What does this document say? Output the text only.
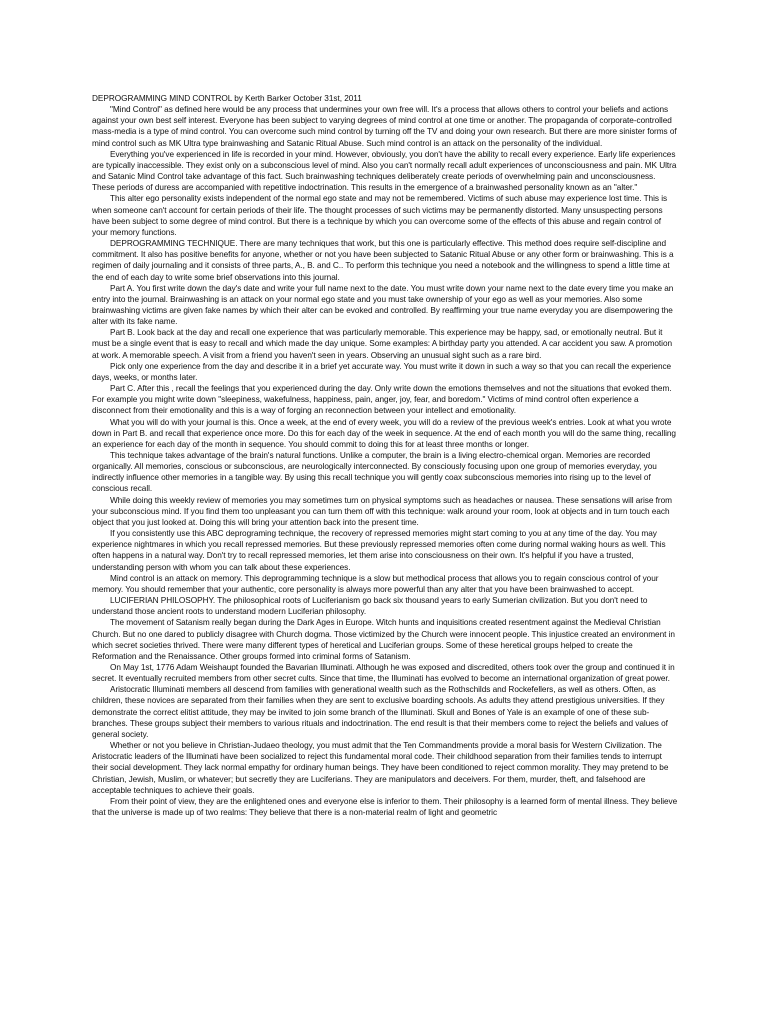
DEPROGRAMMING MIND CONTROL by Kerth Barker October 31st, 2011

"Mind Control" as defined here would be any process that undermines your own free will. It's a process that allows others to control your beliefs and actions against your own best self interest. Everyone has been subject to varying degrees of mind control at one time or another. The propaganda of corporate-controlled mass-media is a type of mind control. You can overcome such mind control by turning off the TV and doing your own research. But there are more sinister forms of mind control such as MK Ultra type brainwashing and Satanic Ritual Abuse. Such mind control is an attack on the personality of the individual.

Everything you've experienced in life is recorded in your mind. However, obviously, you don't have the ability to recall every experience. Early life experiences are typically inaccessible. They exist only on a subconscious level of mind. Also you can't normally recall adult experiences of unconsciousness and pain. MK Ultra and Satanic Mind Control take advantage of this fact. Such brainwashing techniques deliberately create periods of overwhelming pain and unconsciousness. These periods of duress are accompanied with repetitive indoctrination. This results in the emergence of a brainwashed personality known as an "alter."

This alter ego personality exists independent of the normal ego state and may not be remembered. Victims of such abuse may experience lost time. This is when someone can't account for certain periods of their life. The thought processes of such victims may be permanently distorted. Many unsuspecting persons have been subject to some degree of mind control. But there is a technique by which you can overcome some of the effects of this abuse and regain control of your memory functions.

DEPROGRAMMING TECHNIQUE. There are many techniques that work, but this one is particularly effective. This method does require self-discipline and commitment. It also has positive benefits for anyone, whether or not you have been subjected to Satanic Ritual Abuse or any other form or brainwashing. This is a regimen of daily journaling and it consists of three parts, A., B. and C.. To perform this technique you need a notebook and the willingness to spend a little time at the end of each day to write some brief observations into this journal.

Part A. You first write down the day's date and write your full name next to the date. You must write down your name next to the date every time you make an entry into the journal. Brainwashing is an attack on your normal ego state and you must take ownership of your ego as well as your memories. Also some brainwashing victims are given fake names by which their alter can be evoked and controlled. By reaffirming your true name everyday you are disempowering the alter with its fake name.

Part B. Look back at the day and recall one experience that was particularly memorable. This experience may be happy, sad, or emotionally neutral. But it must be a single event that is easy to recall and which made the day unique. Some examples: A birthday party you attended. A car accident you saw. A promotion at work. A memorable speech. A visit from a friend you haven't seen in years. Observing an unusual sight such as a rare bird.

Pick only one experience from the day and describe it in a brief yet accurate way. You must write it down in such a way so that you can recall the experience days, weeks, or months later.

Part C. After this , recall the feelings that you experienced during the day. Only write down the emotions themselves and not the situations that evoked them. For example you might write down "sleepiness, wakefulness, happiness, pain, anger, joy, fear, and boredom." Victims of mind control often experience a disconnect from their emotionality and this is a way of forging an reconnection between your intellect and emotionality.

What you will do with your journal is this. Once a week, at the end of every week, you will do a review of the previous week's entries. Look at what you wrote down in Part B. and recall that experience once more. Do this for each day of the week in sequence. At the end of each month you will do the same thing, recalling an experience for each day of the month in sequence. You should commit to doing this for at least three months or longer.

This technique takes advantage of the brain's natural functions. Unlike a computer, the brain is a living electro-chemical organ. Memories are recorded organically. All memories, conscious or subconscious, are neurologically interconnected. By consciously focusing upon one group of memories everyday, you indirectly influence other memories in a tangible way. By using this recall technique you will gently coax subconscious memories into rising up to the level of conscious recall.

While doing this weekly review of memories you may sometimes turn on physical symptoms such as headaches or nausea. These sensations will arise from your subconscious mind. If you find them too unpleasant you can turn them off with this technique: walk around your room, look at objects and in turn touch each object that you just looked at. Doing this will bring your attention back into the present time.

If you consistently use this ABC deprograming technique, the recovery of repressed memories might start coming to you at any time of the day. You may experience nightmares in which you recall repressed memories. But these previously repressed memories often come during normal waking hours as well. This often happens in a natural way. Don't try to recall repressed memories, let them arise into consciousness on their own. It's helpful if you have a trusted, understanding person with whom you can talk about these experiences.

Mind control is an attack on memory. This deprogramming technique is a slow but methodical process that allows you to regain conscious control of your memory. You should remember that your authentic, core personality is always more powerful than any alter that you have been brainwashed to accept.

LUCIFERIAN PHILOSOPHY. The philosophical roots of Luciferianism go back six thousand years to early Sumerian civilization. But you don't need to understand those ancient roots to understand modern Luciferian philosophy.

The movement of Satanism really began during the Dark Ages in Europe. Witch hunts and inquisitions created resentment against the Medieval Christian Church. But no one dared to publicly disagree with Church dogma. Those victimized by the Church were innocent people. This injustice created an environment in which secret societies thrived. There were many different types of heretical and Luciferian groups. Some of these heretical groups helped to create the Reformation and the Renaissance. Other groups formed into criminal forms of Satanism.

On May 1st, 1776 Adam Weishaupt founded the Bavarian Illuminati. Although he was exposed and discredited, others took over the group and continued it in secret. It eventually recruited members from other secret cults. Since that time, the Illuminati has evolved to become an international organization of great power.

Aristocratic Illuminati members all descend from families with generational wealth such as the Rothschilds and Rockefellers, as well as others. Often, as children, these novices are separated from their families when they are sent to exclusive boarding schools. As adults they attend prestigious universities. If they demonstrate the correct elitist attitude, they may be invited to join some branch of the Illuminati. Skull and Bones of Yale is an example of one of these sub-branches. These groups subject their members to various rituals and indoctrination. The end result is that their members come to reject the beliefs and values of general society.

Whether or not you believe in Christian-Judaeo theology, you must admit that the Ten Commandments provide a moral basis for Western Civilization. The Aristocratic leaders of the Illuminati have been socialized to reject this fundamental moral code. Their childhood separation from their families tends to interrupt their social development. They lack normal empathy for ordinary human beings. They have been conditioned to reject common morality. They may pretend to be Christian, Jewish, Muslim, or whatever; but secretly they are Luciferians. They are manipulators and deceivers. For them, murder, theft, and falsehood are acceptable techniques to achieve their goals.

From their point of view, they are the enlightened ones and everyone else is inferior to them. Their philosophy is a learned form of mental illness. They believe that the universe is made up of two realms: They believe that there is a non-material realm of light and geometric
